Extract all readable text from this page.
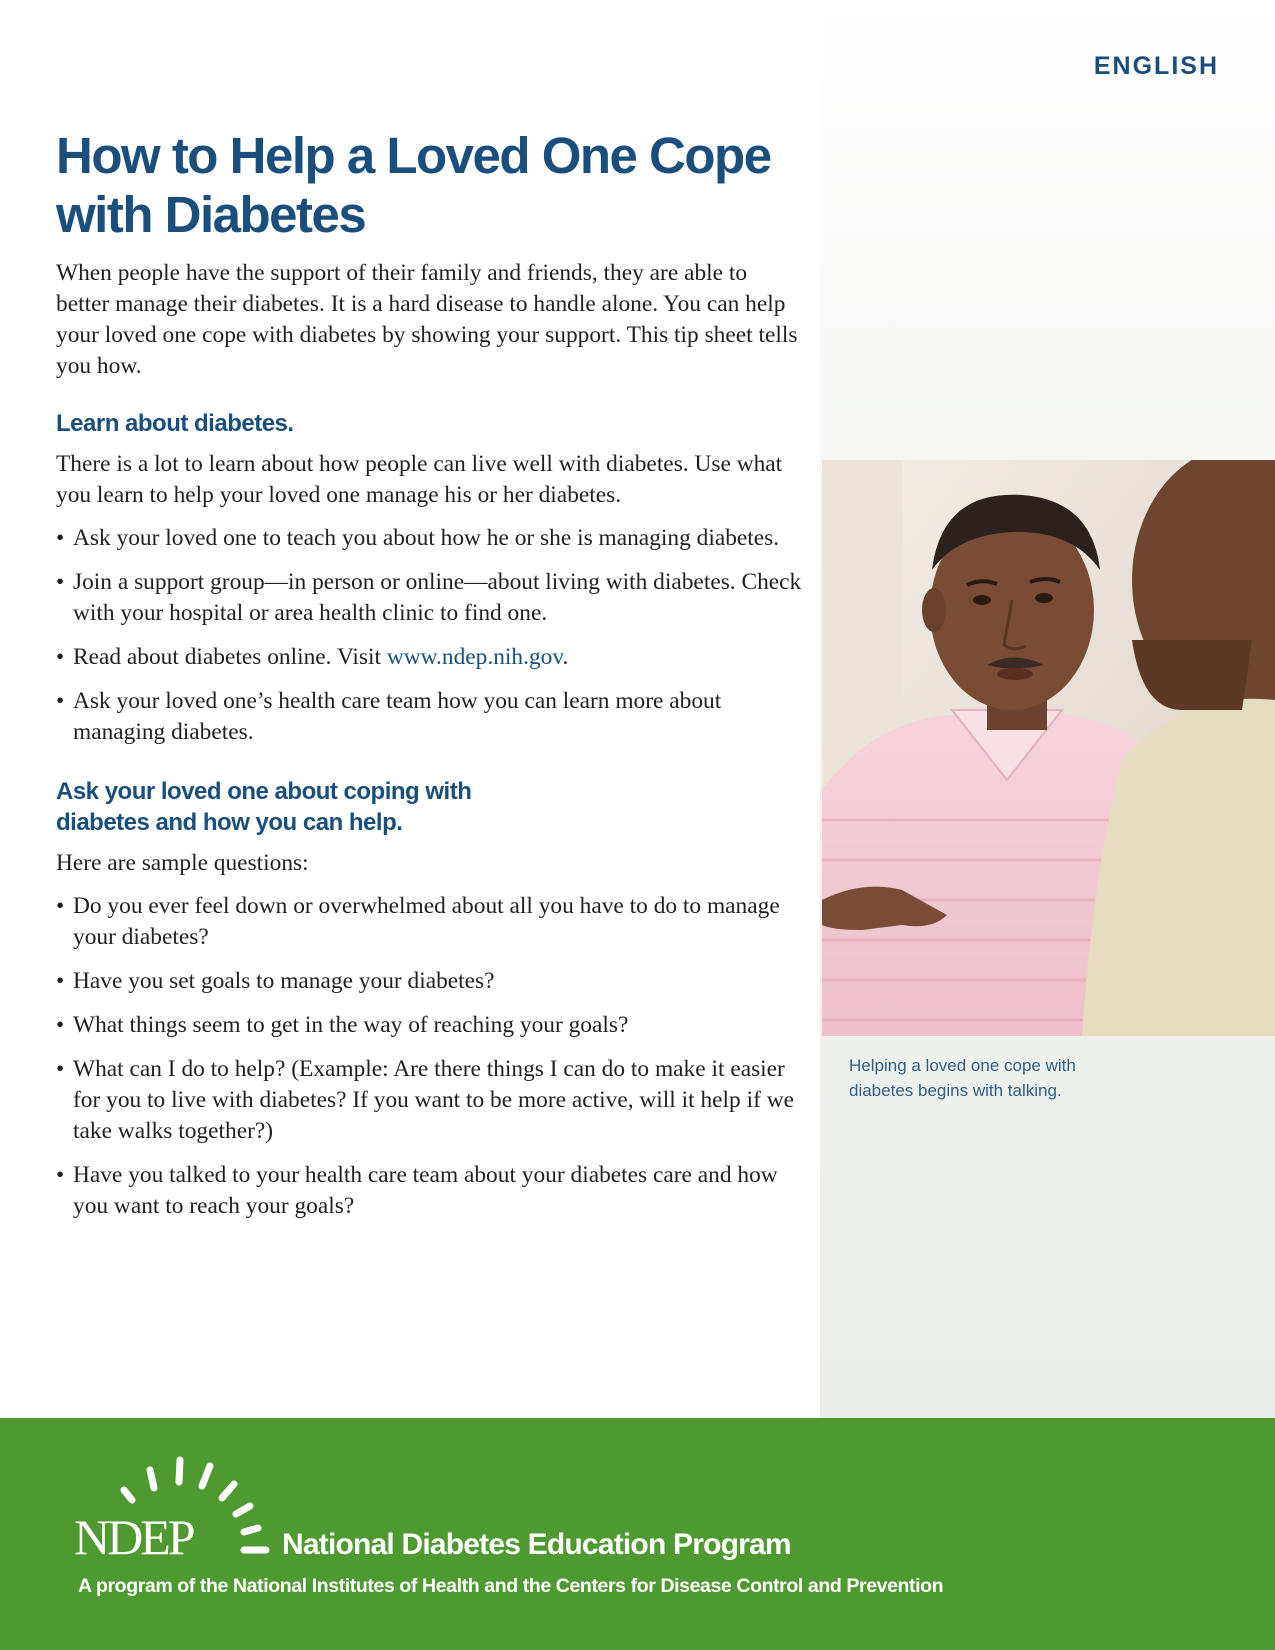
ENGLISH
How to Help a Loved One Cope with Diabetes

When people have the support of their family and friends, they are able to better manage their diabetes. It is a hard disease to handle alone. You can help your loved one cope with diabetes by showing your support. This tip sheet tells you how.

Learn about diabetes.

There is a lot to learn about how people can live well with diabetes. Use what you learn to help your loved one manage his or her diabetes.

• Ask your loved one to teach you about how he or she is managing diabetes.
• Join a support group—in person or online—about living with diabetes. Check with your hospital or area health clinic to find one.
• Read about diabetes online. Visit www.ndep.nih.gov.
• Ask your loved one’s health care team how you can learn more about managing diabetes.
Ask your loved one about coping with diabetes and how you can help.

Here are sample questions:

• Do you ever feel down or overwhelmed about all you have to do to manage your diabetes?
• Have you set goals to manage your diabetes?
• What things seem to get in the way of reaching your goals?
• What can I do to help? (Example: Are there things I can do to make it easier for you to live with diabetes? If you want to be more active, will it help if we take walks together?)
• Have you talked to your health care team about your diabetes care and how you want to reach your goals?
Helping a loved one cope with diabetes begins with talking.
NDEP	National Diabetes Education Program
A program of the National Institutes of Health and the Centers for Disease Control and Prevention
